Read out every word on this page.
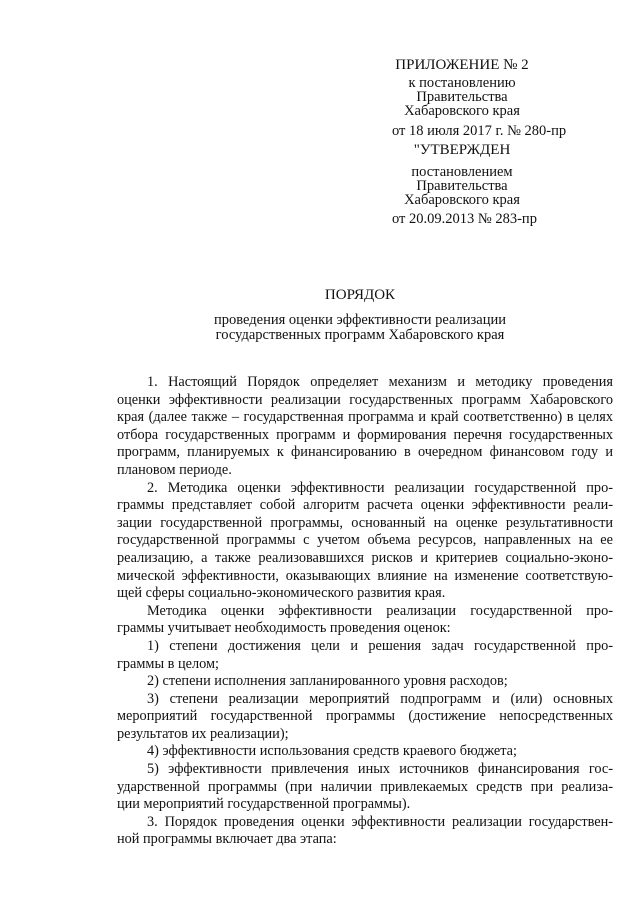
ПРИЛОЖЕНИЕ № 2
к постановлению
Правительства
Хабаровского края
от 18 июля 2017 г. № 280-пр
"УТВЕРЖДЕН
постановлением
Правительства
Хабаровского края
от 20.09.2013 № 283-пр
ПОРЯДОК
проведения оценки эффективности реализации
государственных программ Хабаровского края
1. Настоящий Порядок определяет механизм и методику проведения
оценки эффективности реализации государственных программ Хабаровского
края (далее также – государственная программа и край соответственно) в целях
отбора государственных программ и формирования перечня государственных
программ, планируемых к финансированию в очередном финансовом году и
плановом периоде.
2. Методика оценки эффективности реализации государственной про-
граммы представляет собой алгоритм расчета оценки эффективности реали-
зации государственной программы, основанный на оценке результативности
государственной программы с учетом объема ресурсов, направленных на ее
реализацию, а также реализовавшихся рисков и критериев социально-эконо-
мической эффективности, оказывающих влияние на изменение соответствую-
щей сферы социально-экономического развития края.
Методика оценки эффективности реализации государственной про-
граммы учитывает необходимость проведения оценок:
1) степени достижения цели и решения задач государственной про-
граммы в целом;
2) степени исполнения запланированного уровня расходов;
3) степени реализации мероприятий подпрограмм и (или) основных
мероприятий государственной программы (достижение непосредственных
результатов их реализации);
4) эффективности использования средств краевого бюджета;
5) эффективности привлечения иных источников финансирования гос-
ударственной программы (при наличии привлекаемых средств при реализа-
ции мероприятий государственной программы).
3. Порядок проведения оценки эффективности реализации государствен-
ной программы включает два этапа:
